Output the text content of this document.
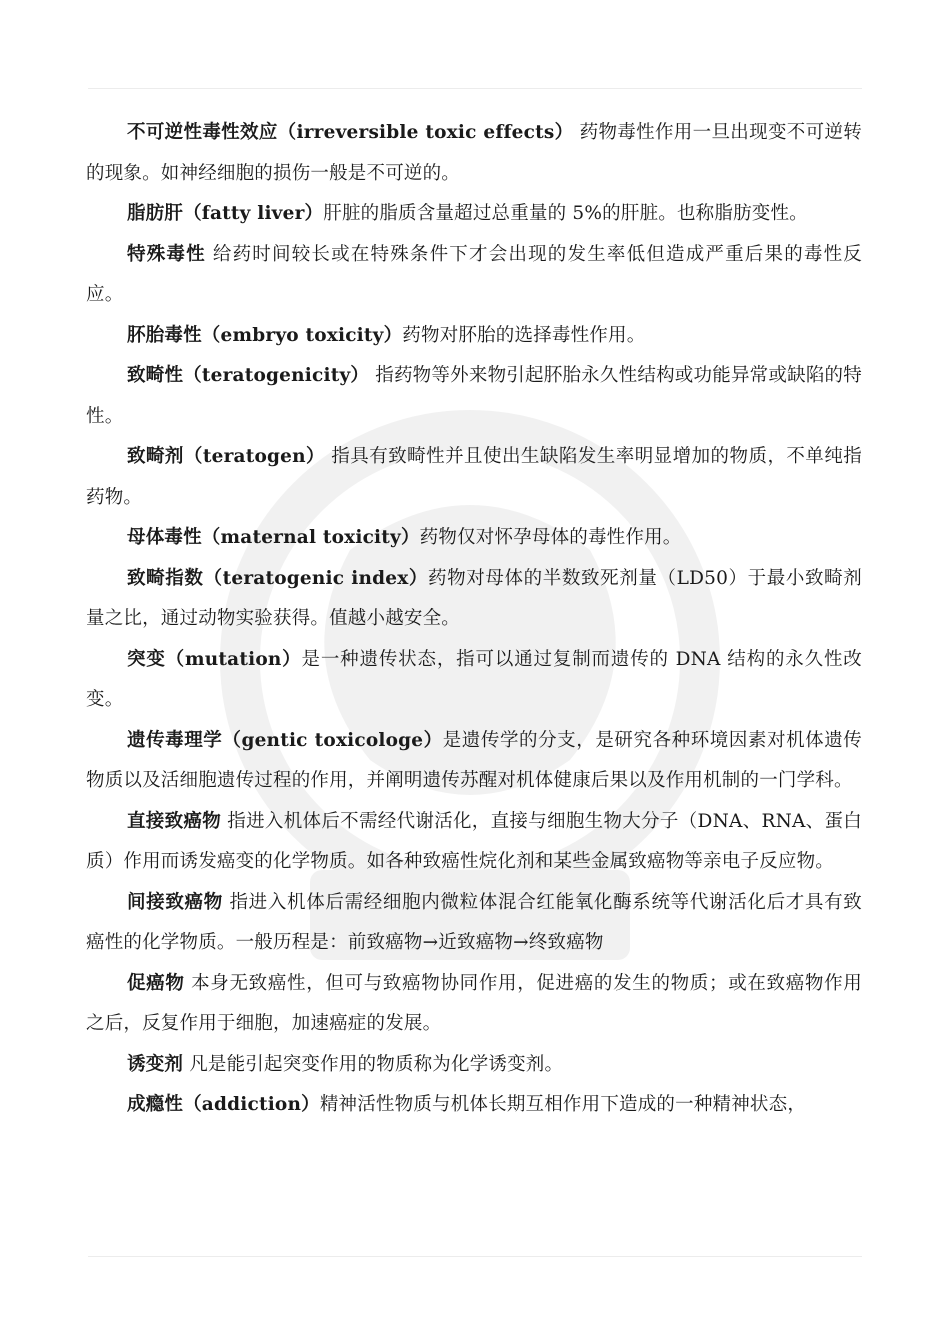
不可逆性毒性效应（irreversible toxic effects） 药物毒性作用一旦出现变不可逆转的现象。如神经细胞的损伤一般是不可逆的。

脂肪肝（fatty liver）肝脏的脂质含量超过总重量的 5%的肝脏。也称脂肪变性。

特殊毒性 给药时间较长或在特殊条件下才会出现的发生率低但造成严重后果的毒性反应。

肧胎毒性（embryo toxicity）药物对肧胎的选择毒性作用。

致畸性（teratogenicity） 指药物等外来物引起肧胎永久性结构或功能异常或缺陷的特性。

致畸剂（teratogen） 指具有致畸性并且使出生缺陷发生率明显增加的物质，不单纯指药物。

母体毒性（maternal toxicity）药物仅对怀孕母体的毒性作用。

致畸指数（teratogenic index）药物对母体的半数致死剂量（LD50）于最小致畸剂量之比，通过动物实验获得。值越小越安全。

突变（mutation）是一种遗传状态，指可以通过复制而遗传的 DNA 结构的永久性改变。

遗传毒理学（gentic toxicologe）是遗传学的分支，是研究各种环境因素对机体遗传物质以及活细胞遗传过程的作用，并阐明遗传苏醒对机体健康后果以及作用机制的一门学科。

直接致癌物 指进入机体后不需经代谢活化，直接与细胞生物大分子（DNA、RNA、蛋白质）作用而诱发癌变的化学物质。如各种致癌性烷化剂和某些金属致癌物等亲电子反应物。

间接致癌物 指进入机体后需经细胞内微粒体混合红能氧化酶系统等代谢活化后才具有致癌性的化学物质。一般历程是：前致癌物→近致癌物→终致癌物

促癌物 本身无致癌性，但可与致癌物协同作用，促进癌的发生的物质；或在致癌物作用之后，反复作用于细胞，加速癌症的发展。

诱变剂 凡是能引起突变作用的物质称为化学诱变剂。

成瘾性（addiction）精神活性物质与机体长期互相作用下造成的一种精神状态，
